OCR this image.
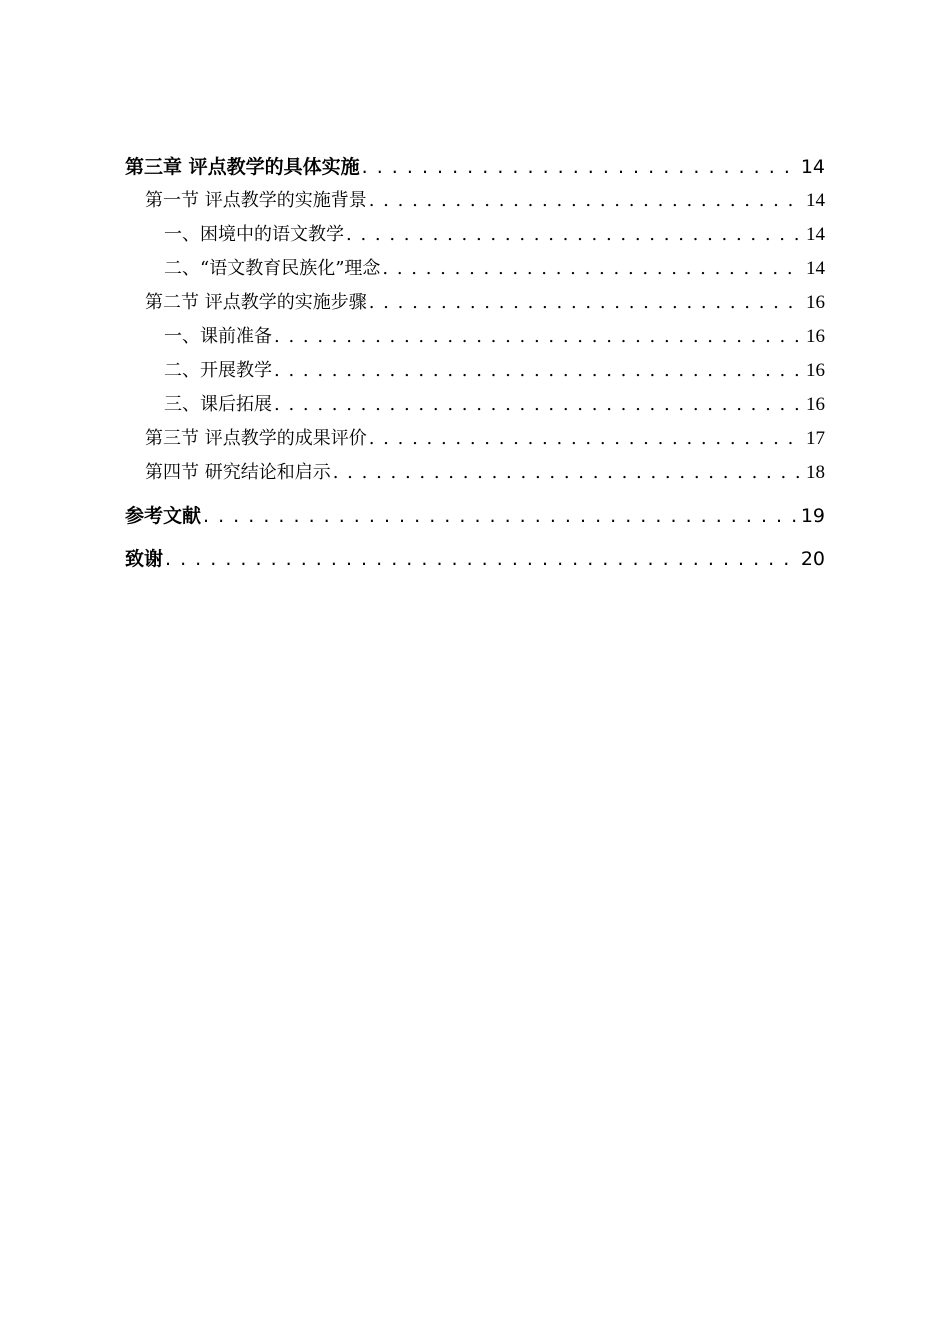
第三章 评点教学的具体实施 . . .	14
第一节 评点教学的实施背景 . . .	14
一、困境中的语文教学 . . .	14
二、“语文教育民族化”理念 . . .	14
第二节 评点教学的实施步骤 . . .	16
一、课前准备 . . .	16
二、开展教学 . . .	16
三、课后拓展 . . .	16
第三节 评点教学的成果评价 . . .	17
第四节 研究结论和启示 . . .	18
参考文献 . . .	19
致谢 . . .	20
